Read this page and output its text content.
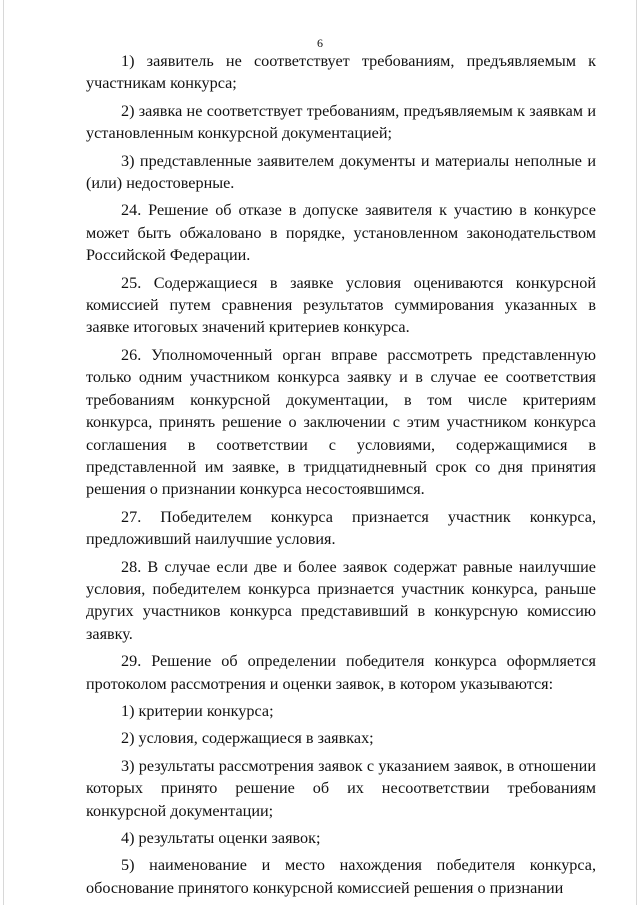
6

1) заявитель не соответствует требованиям, предъявляемым к участникам конкурса;

2) заявка не соответствует требованиям, предъявляемым к заявкам и установленным конкурсной документацией;

3) представленные заявителем документы и материалы неполные и (или) недостоверные.

24. Решение об отказе в допуске заявителя к участию в конкурсе может быть обжаловано в порядке, установленном законодательством Российской Федерации.

25. Содержащиеся в заявке условия оцениваются конкурсной комиссией путем сравнения результатов суммирования указанных в заявке итоговых значений критериев конкурса.

26. Уполномоченный орган вправе рассмотреть представленную только одним участником конкурса заявку и в случае ее соответствия требованиям конкурсной документации, в том числе критериям конкурса, принять решение о заключении с этим участником конкурса соглашения в соответствии с условиями, содержащимися в представленной им заявке, в тридцатидневный срок со дня принятия решения о признании конкурса несостоявшимся.

27. Победителем конкурса признается участник конкурса, предложивший наилучшие условия.

28. В случае если две и более заявок содержат равные наилучшие условия, победителем конкурса признается участник конкурса, раньше других участников конкурса представивший в конкурсную комиссию заявку.

29. Решение об определении победителя конкурса оформляется протоколом рассмотрения и оценки заявок, в котором указываются:

1) критерии конкурса;

2) условия, содержащиеся в заявках;

3) результаты рассмотрения заявок с указанием заявок, в отношении которых принято решение об их несоответствии требованиям конкурсной документации;

4) результаты оценки заявок;

5) наименование и место нахождения победителя конкурса, обоснование принятого конкурсной комиссией решения о признании
